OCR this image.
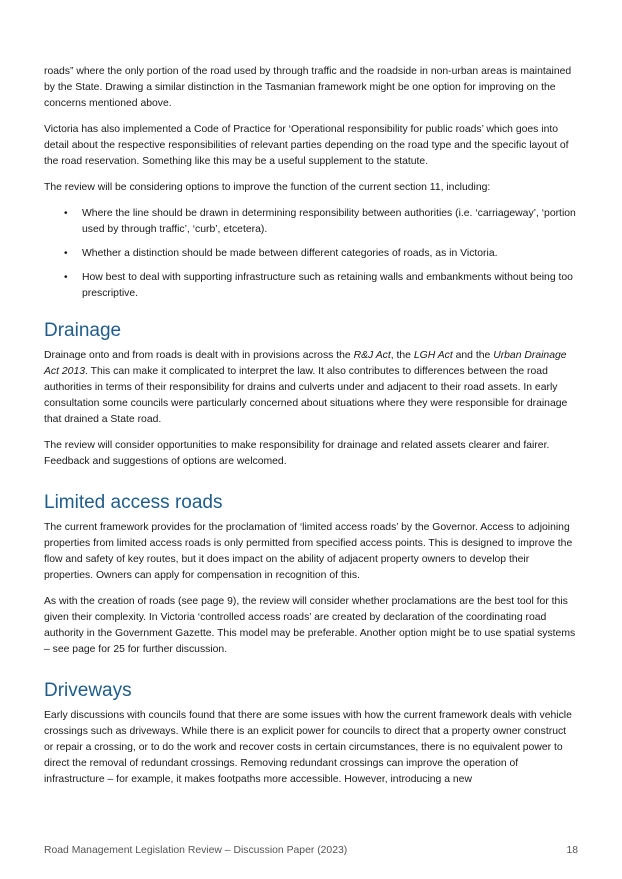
roads” where the only portion of the road used by through traffic and the roadside in non-urban areas is maintained by the State. Drawing a similar distinction in the Tasmanian framework might be one option for improving on the concerns mentioned above.

Victoria has also implemented a Code of Practice for ‘Operational responsibility for public roads’ which goes into detail about the respective responsibilities of relevant parties depending on the road type and the specific layout of the road reservation. Something like this may be a useful supplement to the statute.

The review will be considering options to improve the function of the current section 11, including:

• Where the line should be drawn in determining responsibility between authorities (i.e. ‘carriageway’, ‘portion used by through traffic’, ‘curb’, etcetera).
• Whether a distinction should be made between different categories of roads, as in Victoria.
• How best to deal with supporting infrastructure such as retaining walls and embankments without being too prescriptive.
Drainage

Drainage onto and from roads is dealt with in provisions across the R&J Act, the LGH Act and the Urban Drainage Act 2013. This can make it complicated to interpret the law. It also contributes to differences between the road authorities in terms of their responsibility for drains and culverts under and adjacent to their road assets. In early consultation some councils were particularly concerned about situations where they were responsible for drainage that drained a State road.

The review will consider opportunities to make responsibility for drainage and related assets clearer and fairer. Feedback and suggestions of options are welcomed.

Limited access roads

The current framework provides for the proclamation of ‘limited access roads’ by the Governor. Access to adjoining properties from limited access roads is only permitted from specified access points. This is designed to improve the flow and safety of key routes, but it does impact on the ability of adjacent property owners to develop their properties. Owners can apply for compensation in recognition of this.

As with the creation of roads (see page 9), the review will consider whether proclamations are the best tool for this given their complexity. In Victoria ‘controlled access roads’ are created by declaration of the coordinating road authority in the Government Gazette. This model may be preferable. Another option might be to use spatial systems – see page for 25 for further discussion.

Driveways

Early discussions with councils found that there are some issues with how the current framework deals with vehicle crossings such as driveways. While there is an explicit power for councils to direct that a property owner construct or repair a crossing, or to do the work and recover costs in certain circumstances, there is no equivalent power to direct the removal of redundant crossings. Removing redundant crossings can improve the operation of infrastructure – for example, it makes footpaths more accessible. However, introducing a new

Road Management Legislation Review – Discussion Paper (2023)	18
